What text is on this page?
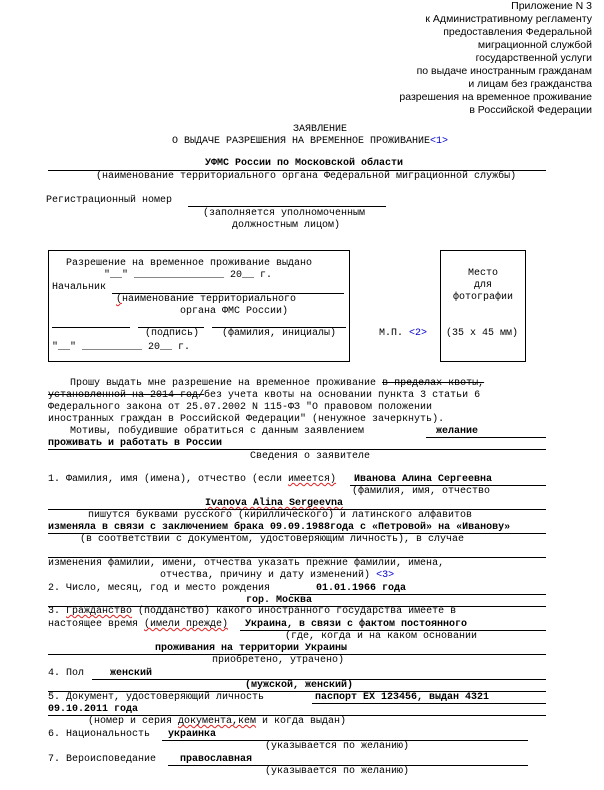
Приложение N 3
к Административному регламенту
предоставления Федеральной
миграционной службой
государственной услуги
по выдаче иностранным гражданам
и лицам без гражданства
разрешения на временное проживание
в Российской Федерации
ЗАЯВЛЕНИЕ
О ВЫДАЧЕ РАЗРЕШЕНИЯ НА ВРЕМЕННОЕ ПРОЖИВАНИЕ<1>
УФМС России по Московской области
(наименование территориального органа Федеральной миграционной службы)
Регистрационный номер
(заполняется уполномоченным
должностным лицом)
Разрешение на временное проживание выдано
"__" _______________ 20__ г.
Начальник
(наименование территориального
органа ФМС России)
(подпись) (фамилия, инициалы)
"__" __________ 20__ г.
М.П. <2>
Место
для
фотографии
(35 x 45 мм)
Прошу выдать мне разрешение на временное проживание в пределах квоты,
установленной на 2014 год/без учета квоты на основании пункта 3 статьи 6
Федерального закона от 25.07.2002 N 115-ФЗ "О правовом положении
иностранных граждан в Российской Федерации" (ненужное зачеркнуть).
Мотивы, побудившие обратиться с данным заявлением	желание
проживать и работать в России
Сведения о заявителе
1. Фамилия, имя (имена), отчество (если имеется) Иванова Алина Сергеевна
(фамилия, имя, отчество
Ivanova Alina Sergeevna
пишутся буквами русского (кириллического) и латинского алфавитов
изменяла в связи с заключением брака 09.09.1988года с «Петровой» на «Иванову»
(в соответствии с документом, удостоверяющим личность), в случае
изменения фамилии, имени, отчества указать прежние фамилии, имена,
отчества, причину и дату изменений) <3>
2. Число, месяц, год и место рождения	01.01.1966 года
гор. Москва
3. Гражданство (подданство) какого иностранного государства имеете в
настоящее время (имели прежде) Украина, в связи с фактом постоянного
(где, когда и на каком основании
проживания на территории Украины
приобретено, утрачено)
4. Пол	женский
(мужской, женский)
5. Документ, удостоверяющий личность	паспорт ЕХ 123456, выдан 4321
09.10.2011 года
(номер и серия документа,кем и когда выдан)
6. Национальность украинка
(указывается по желанию)
7. Вероисповедание православная
(указывается по желанию)
